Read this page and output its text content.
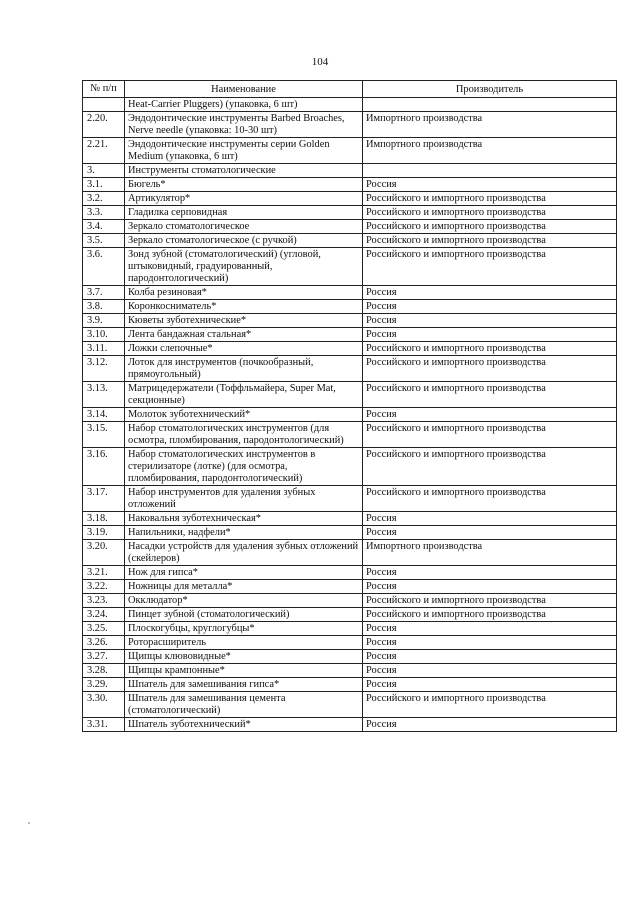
104
№ п/п	Наименование	Производитель
	Heat-Carrier Pluggers) (упаковка, 6 шт)	
2.20.	Эндодонтические инструменты Barbed Broaches, Nerve needle (упаковка: 10-30 шт)	Импортного производства
2.21.	Эндодонтические инструменты серии Golden Medium (упаковка, 6 шт)	Импортного производства
3.	Инструменты стоматологические	
3.1.	Бюгель*	Россия
3.2.	Артикулятор*	Российского и импортного производства
3.3.	Гладилка серповидная	Российского и импортного производства
3.4.	Зеркало стоматологическое	Российского и импортного производства
3.5.	Зеркало стоматологическое (с ручкой)	Российского и импортного производства
3.6.	Зонд зубной (стоматологический) (угловой, штыковидный, градуированный, пародонтологический)	Российского и импортного производства
3.7.	Колба резиновая*	Россия
3.8.	Коронкосниматель*	Россия
3.9.	Кюветы зуботехнические*	Россия
3.10.	Лента бандажная стальная*	Россия
3.11.	Ложки слепочные*	Российского и импортного производства
3.12.	Лоток для инструментов (почкообразный, прямоугольный)	Российского и импортного производства
3.13.	Матрицедержатели (Тоффльмайера, Super Mat, секционные)	Российского и импортного производства
3.14.	Молоток зуботехнический*	Россия
3.15.	Набор стоматологических инструментов (для осмотра, пломбирования, пародонтологический)	Российского и импортного производства
3.16.	Набор стоматологических инструментов в стерилизаторе (лотке) (для осмотра, пломбирования, пародонтологический)	Российского и импортного производства
3.17.	Набор инструментов для удаления зубных отложений	Российского и импортного производства
3.18.	Наковальня зуботехническая*	Россия
3.19.	Напильники, надфели*	Россия
3.20.	Насадки устройств для удаления зубных отложений (скейлеров)	Импортного производства
3.21.	Нож для гипса*	Россия
3.22.	Ножницы для металла*	Россия
3.23.	Окклюдатор*	Российского и импортного производства
3.24.	Пинцет зубной (стоматологический)	Российского и импортного производства
3.25.	Плоскогубцы, круглогубцы*	Россия
3.26.	Роторасширитель	Россия
3.27.	Щипцы клювовидные*	Россия
3.28.	Щипцы крампонные*	Россия
3.29.	Шпатель для замешивания гипса*	Россия
3.30.	Шпатель для замешивания цемента (стоматологический)	Российского и импортного производства
3.31.	Шпатель зуботехнический*	Россия
